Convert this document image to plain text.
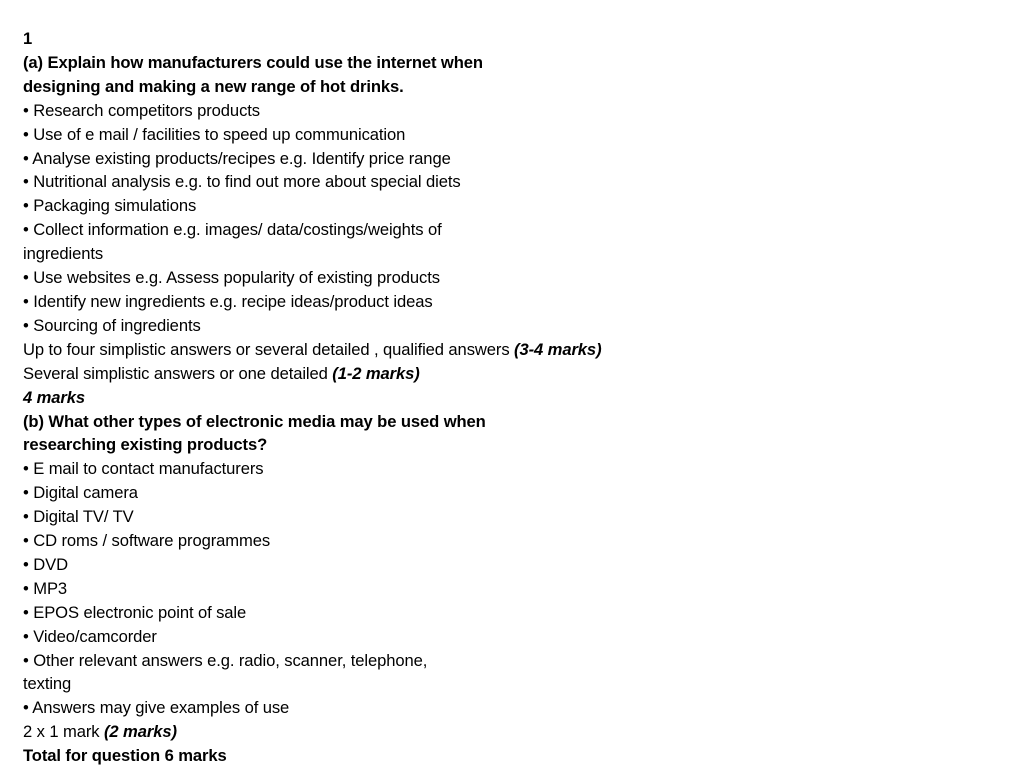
1
(a) Explain how manufacturers could use the internet when
designing and making a new range of hot drinks.
• Research competitors products
• Use of e mail / facilities to speed up communication
• Analyse existing products/recipes e.g. Identify price range
• Nutritional analysis e.g. to find out more about special diets
• Packaging simulations
• Collect information e.g. images/ data/costings/weights of
ingredients
• Use websites e.g. Assess popularity of existing products
• Identify new ingredients e.g. recipe ideas/product ideas
• Sourcing of ingredients
Up to four simplistic answers or several detailed , qualified answers (3-4 marks)
Several simplistic answers or one detailed (1-2 marks)
4 marks
(b) What other types of electronic media may be used when
researching existing products?
• E mail to contact manufacturers
• Digital camera
• Digital TV/ TV
• CD roms / software programmes
• DVD
• MP3
• EPOS electronic point of sale
• Video/camcorder
• Other relevant answers e.g. radio, scanner, telephone,
texting
• Answers may give examples of use
2 x 1 mark (2 marks)
Total for question 6 marks
